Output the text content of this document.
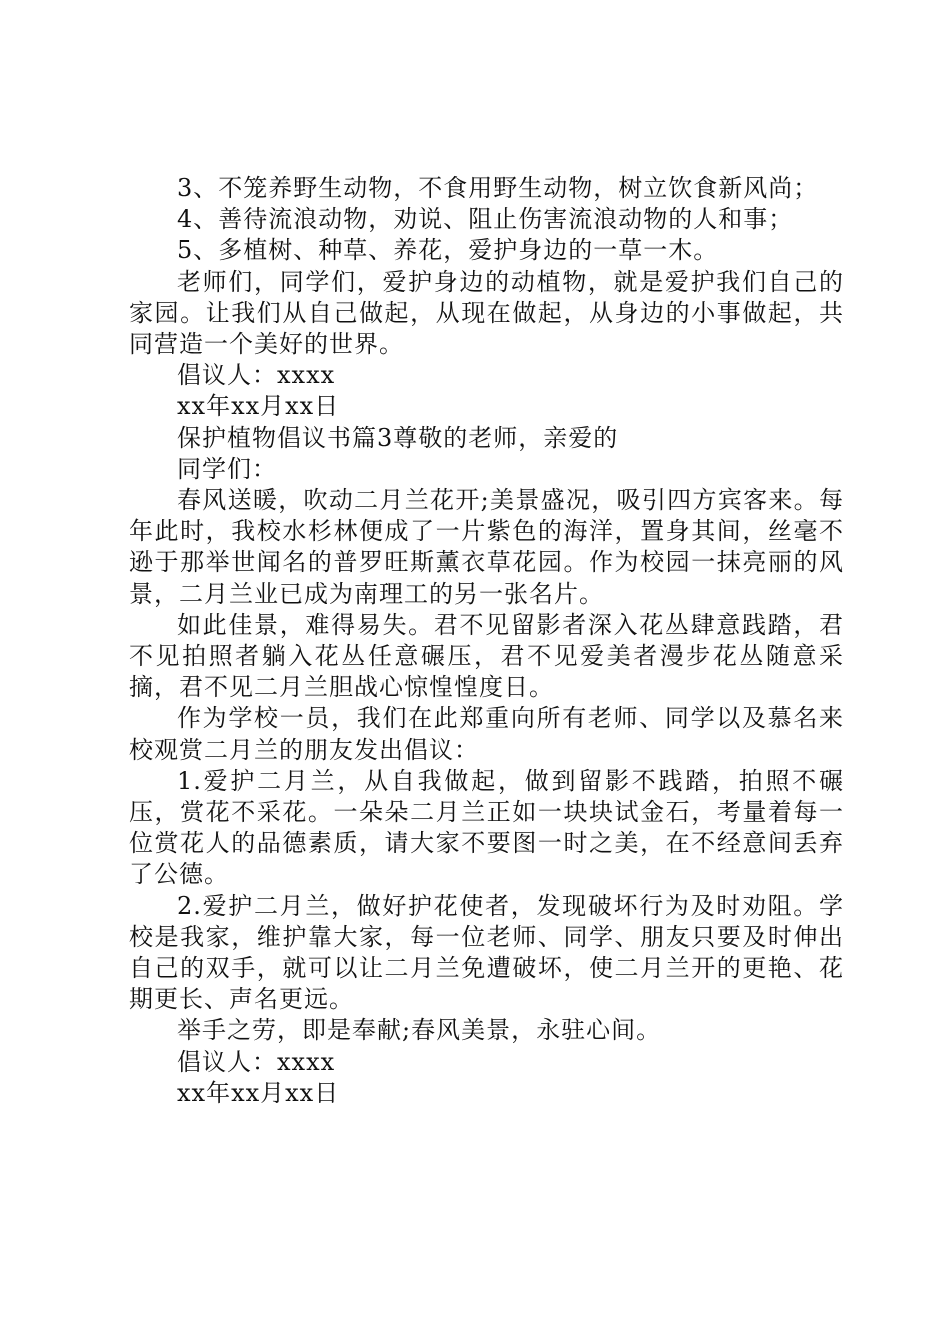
3、不笼养野生动物，不食用野生动物，树立饮食新风尚；

4、善待流浪动物，劝说、阻止伤害流浪动物的人和事；

5、多植树、种草、养花，爱护身边的一草一木。

老师们，同学们，爱护身边的动植物，就是爱护我们自己的家园。让我们从自己做起，从现在做起，从身边的小事做起，共同营造一个美好的世界。

倡议人：xxxx

xx年xx月xx日

保护植物倡议书篇3尊敬的老师，亲爱的

同学们：

春风送暖，吹动二月兰花开;美景盛况，吸引四方宾客来。每年此时，我校水杉林便成了一片紫色的海洋，置身其间，丝毫不逊于那举世闻名的普罗旺斯薰衣草花园。作为校园一抹亮丽的风景，二月兰业已成为南理工的另一张名片。

如此佳景，难得易失。君不见留影者深入花丛肆意践踏，君不见拍照者躺入花丛任意碾压，君不见爱美者漫步花丛随意采摘，君不见二月兰胆战心惊惶惶度日。

作为学校一员，我们在此郑重向所有老师、同学以及慕名来校观赏二月兰的朋友发出倡议：

1.爱护二月兰，从自我做起，做到留影不践踏，拍照不碾压，赏花不采花。一朵朵二月兰正如一块块试金石，考量着每一位赏花人的品德素质，请大家不要图一时之美，在不经意间丢弃了公德。

2.爱护二月兰，做好护花使者，发现破坏行为及时劝阻。学校是我家，维护靠大家，每一位老师、同学、朋友只要及时伸出自己的双手，就可以让二月兰免遭破坏，使二月兰开的更艳、花期更长、声名更远。

举手之劳，即是奉献;春风美景，永驻心间。

倡议人：xxxx

xx年xx月xx日
